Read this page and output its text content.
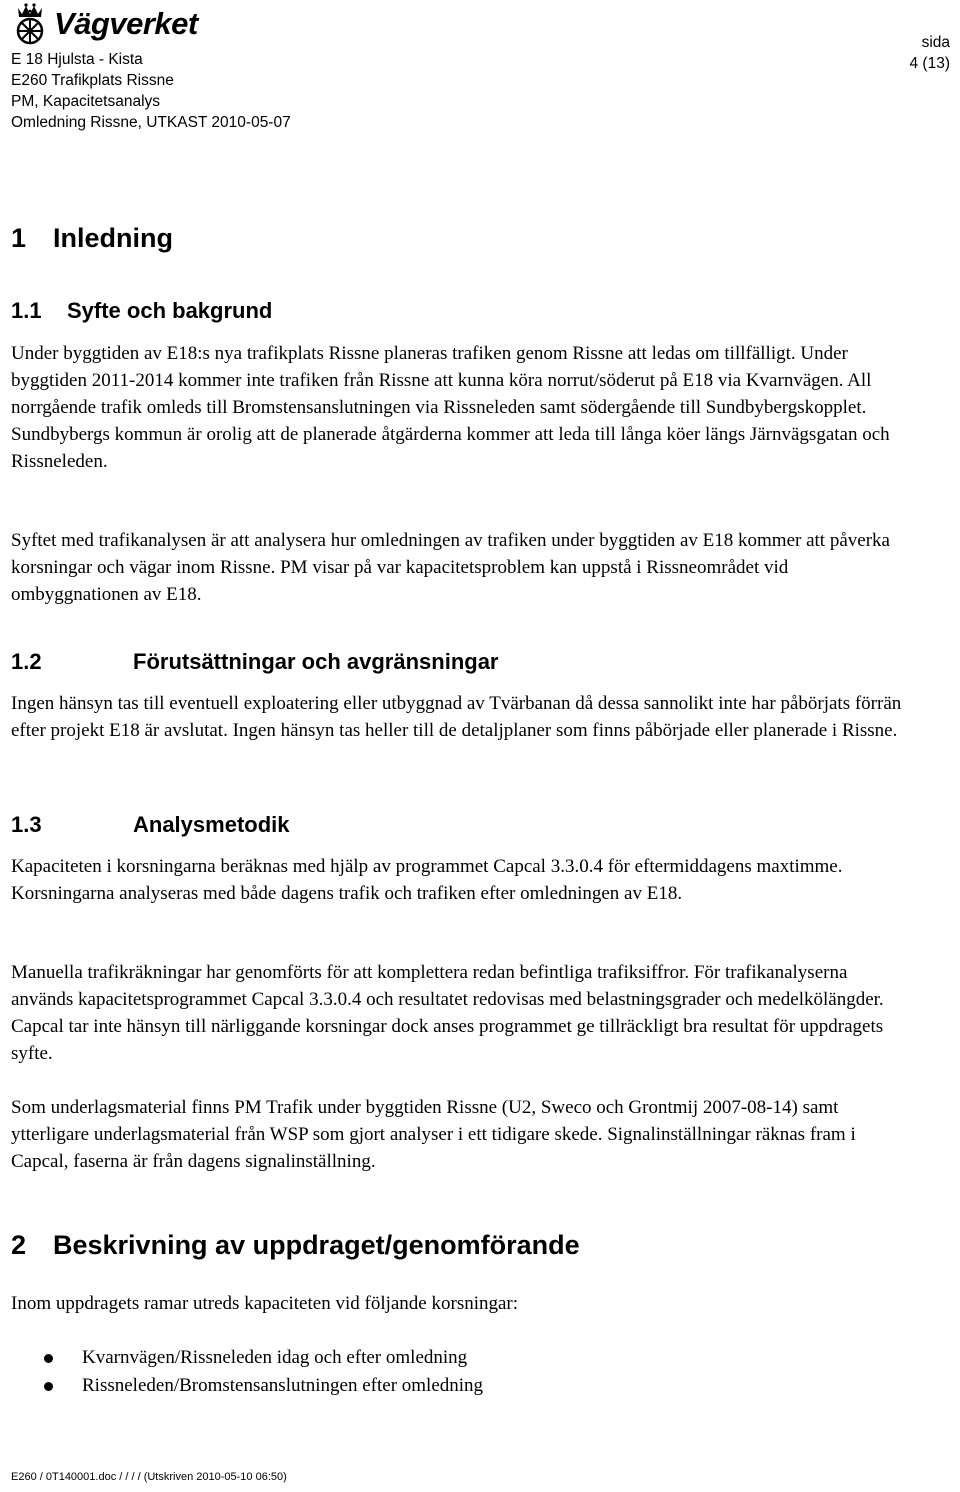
Vägverket
E 18 Hjulsta - Kista
E260 Trafikplats Rissne
PM, Kapacitetsanalys
Omledning Rissne, UTKAST 2010-05-07
sida
4 (13)
1 Inledning
1.1 Syfte och bakgrund

Under byggtiden av E18:s nya trafikplats Rissne planeras trafiken genom Rissne att ledas om tillfälligt. Under byggtiden 2011-2014 kommer inte trafiken från Rissne att kunna köra norrut/söderut på E18 via Kvarnvägen. All norrgående trafik omleds till Bromstensanslutningen via Rissneleden samt södergående till Sundbybergskopplet. Sundbybergs kommun är orolig att de planerade åtgärderna kommer att leda till långa köer längs Järnvägsgatan och Rissneleden.

Syftet med trafikanalysen är att analysera hur omledningen av trafiken under byggtiden av E18 kommer att påverka korsningar och vägar inom Rissne. PM visar på var kapacitetsproblem kan uppstå i Rissneområdet vid ombyggnationen av E18.

1.2	Förutsättningar och avgränsningar

Ingen hänsyn tas till eventuell exploatering eller utbyggnad av Tvärbanan då dessa sannolikt inte har påbörjats förrän efter projekt E18 är avslutat. Ingen hänsyn tas heller till de detaljplaner som finns påbörjade eller planerade i Rissne.

1.3	Analysmetodik

Kapaciteten i korsningarna beräknas med hjälp av programmet Capcal 3.3.0.4 för eftermiddagens maxtimme. Korsningarna analyseras med både dagens trafik och trafiken efter omledningen av E18.

Manuella trafikräkningar har genomförts för att komplettera redan befintliga trafiksiffror. För trafikanalyserna används kapacitetsprogrammet Capcal 3.3.0.4 och resultatet redovisas med belastningsgrader och medelkölängder. Capcal tar inte hänsyn till närliggande korsningar dock anses programmet ge tillräckligt bra resultat för uppdragets syfte.

Som underlagsmaterial finns PM Trafik under byggtiden Rissne (U2, Sweco och Grontmij 2007-08-14) samt ytterligare underlagsmaterial från WSP som gjort analyser i ett tidigare skede. Signalinställningar räknas fram i Capcal, faserna är från dagens signalinställning.

2 Beskrivning av uppdraget/genomförande

Inom uppdragets ramar utreds kapaciteten vid följande korsningar:

Kvarnvägen/Rissneleden idag och efter omledning
Rissneleden/Bromstensanslutningen efter omledning
E260 / 0T140001.doc / / / / (Utskriven 2010-05-10 06:50)
